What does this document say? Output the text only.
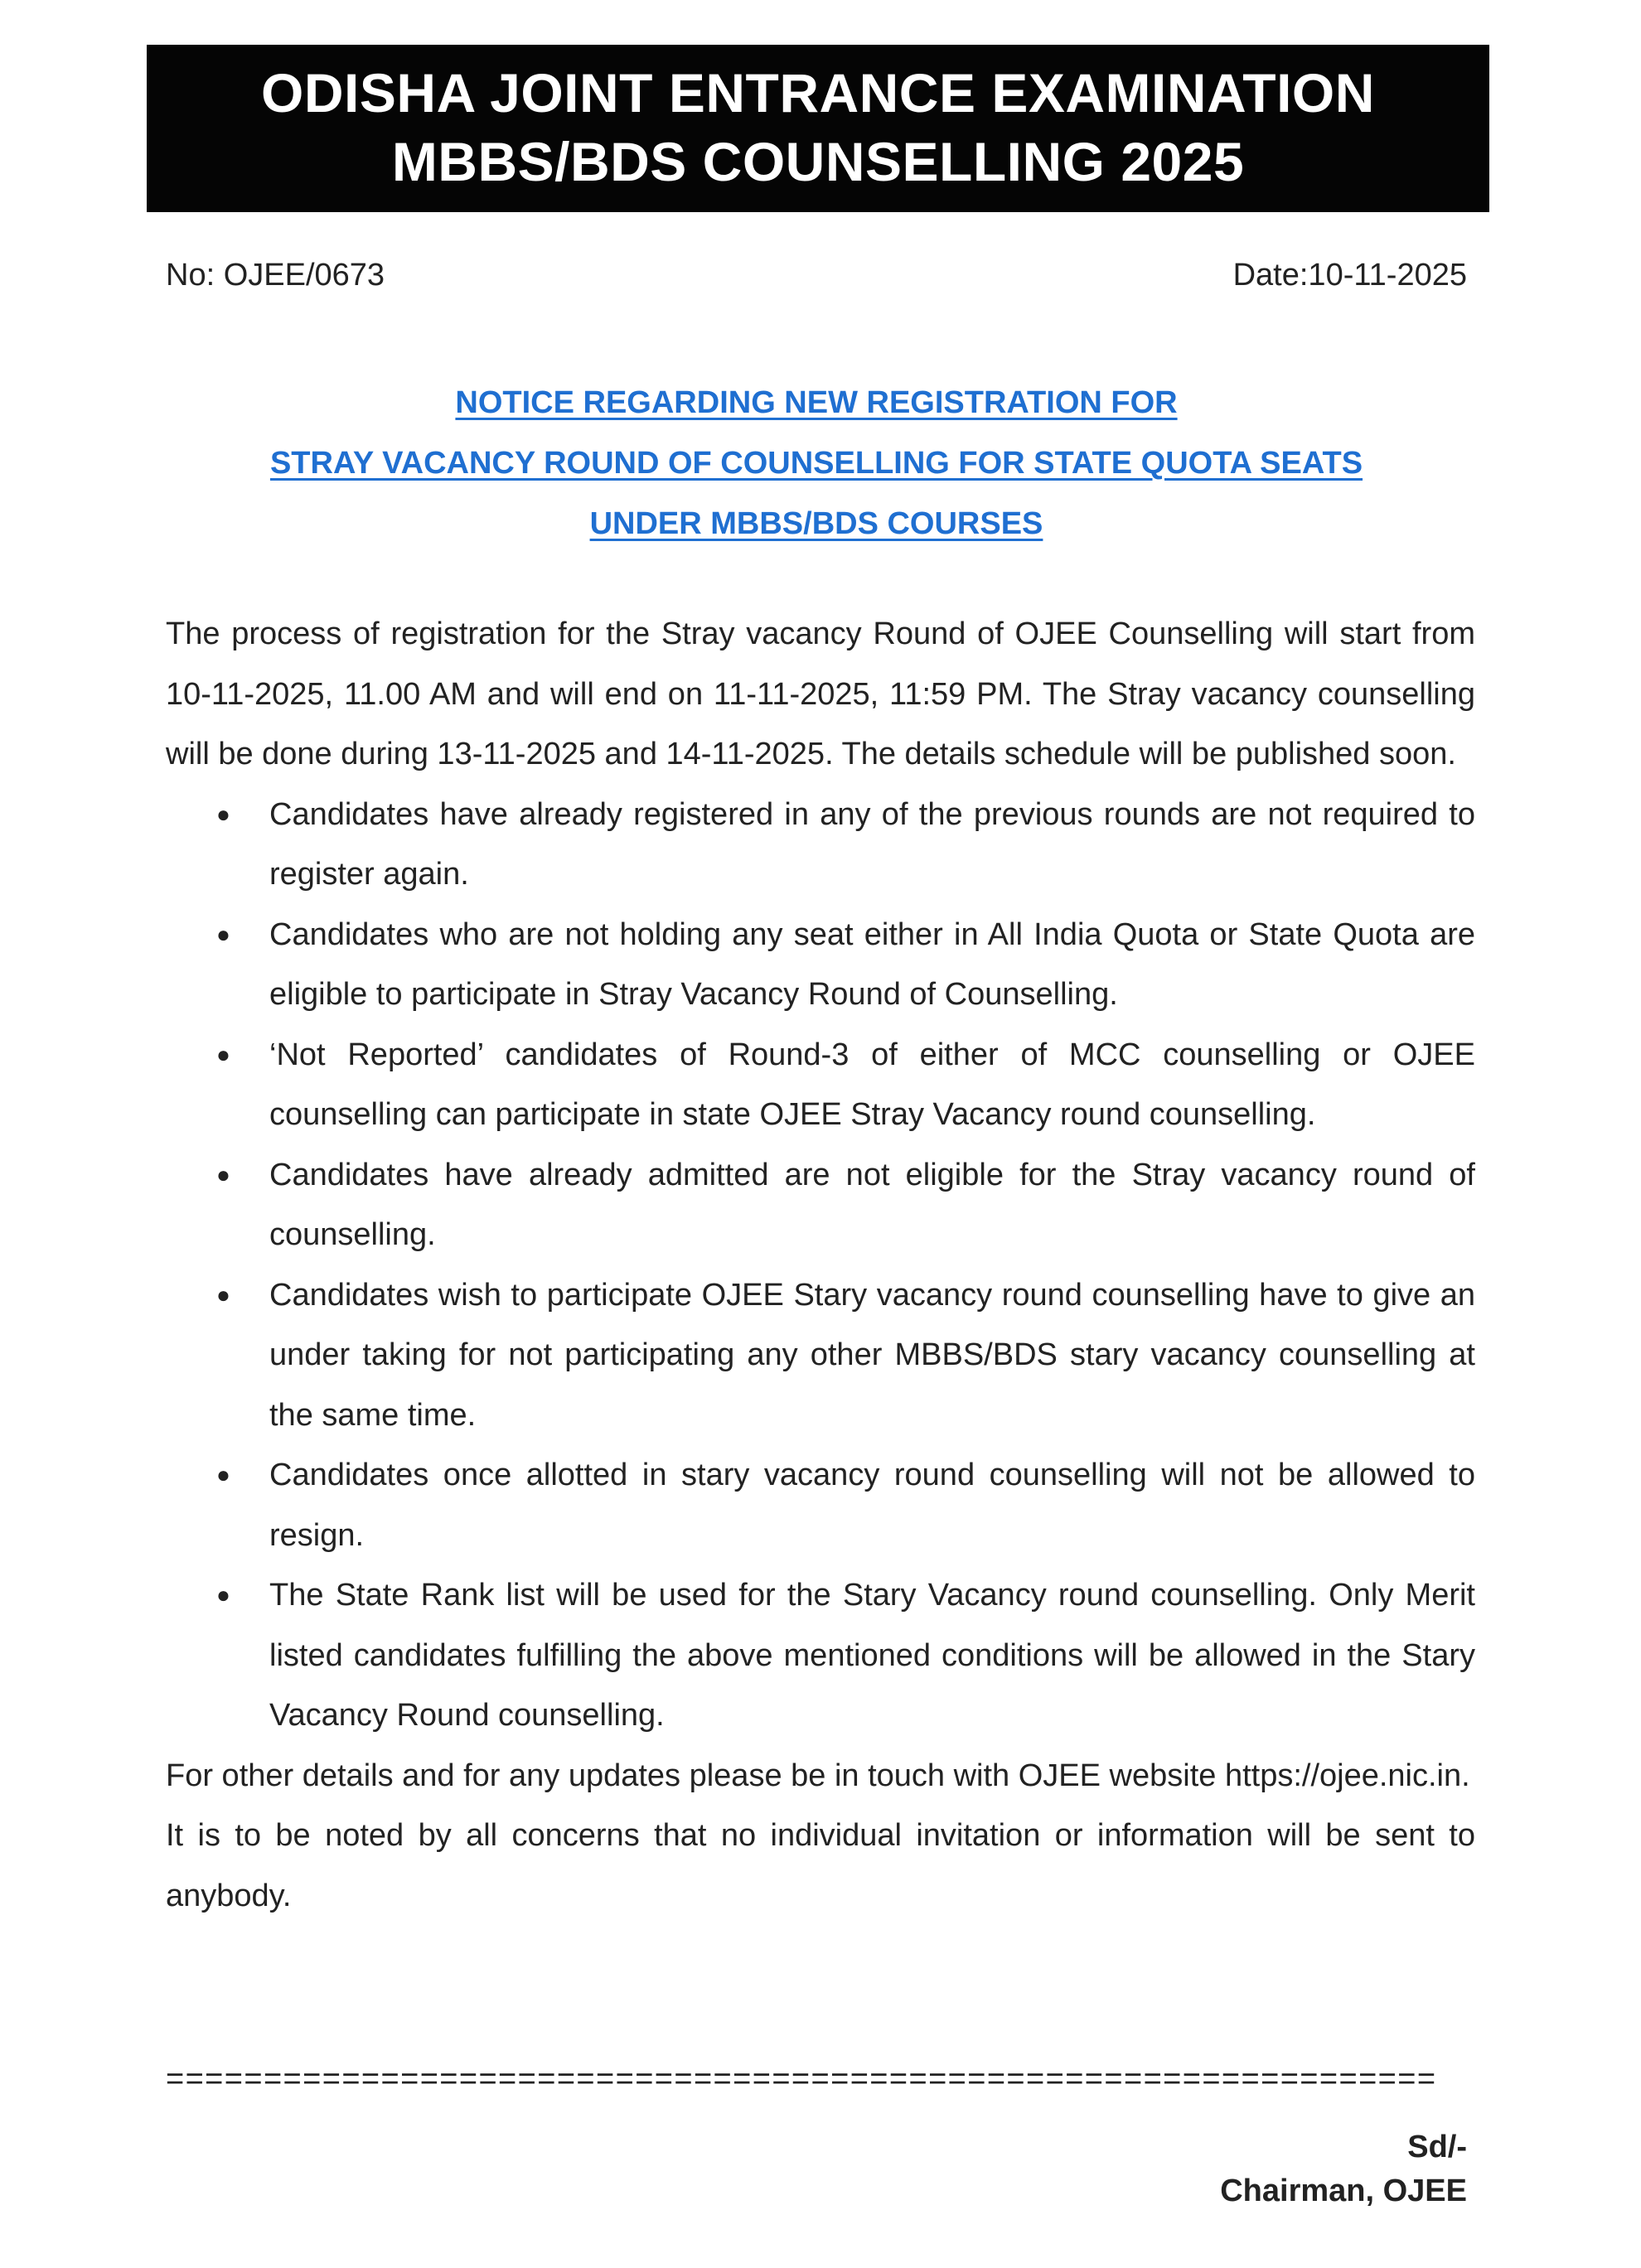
ODISHA JOINT ENTRANCE EXAMINATION
MBBS/BDS COUNSELLING 2025
No: OJEE/0673	Date:10-11-2025
NOTICE REGARDING NEW REGISTRATION FOR
STRAY VACANCY ROUND OF COUNSELLING FOR STATE QUOTA SEATS
UNDER MBBS/BDS COURSES

The process of registration for the Stray vacancy Round of OJEE Counselling will start from 10-11-2025, 11.00 AM and will end on 11-11-2025, 11:59 PM. The Stray vacancy counselling will be done during 13-11-2025 and 14-11-2025. The details schedule will be published soon.

● Candidates have already registered in any of the previous rounds are not required to register again.
● Candidates who are not holding any seat either in All India Quota or State Quota are eligible to participate in Stray Vacancy Round of Counselling.
● ‘Not Reported’ candidates of Round-3 of either of MCC counselling or OJEE counselling can participate in state OJEE Stray Vacancy round counselling.
● Candidates have already admitted are not eligible for the Stray vacancy round of counselling.
● Candidates wish to participate OJEE Stary vacancy round counselling have to give an under taking for not participating any other MBBS/BDS stary vacancy counselling at the same time.
● Candidates once allotted in stary vacancy round counselling will not be allowed to resign.
● The State Rank list will be used for the Stary Vacancy round counselling. Only Merit listed candidates fulfilling the above mentioned conditions will be allowed in the Stary Vacancy Round counselling.

For other details and for any updates please be in touch with OJEE website https://ojee.nic.in.

It is to be noted by all concerns that no individual invitation or information will be sent to anybody.

=================================================================
Sd/-
Chairman, OJEE
